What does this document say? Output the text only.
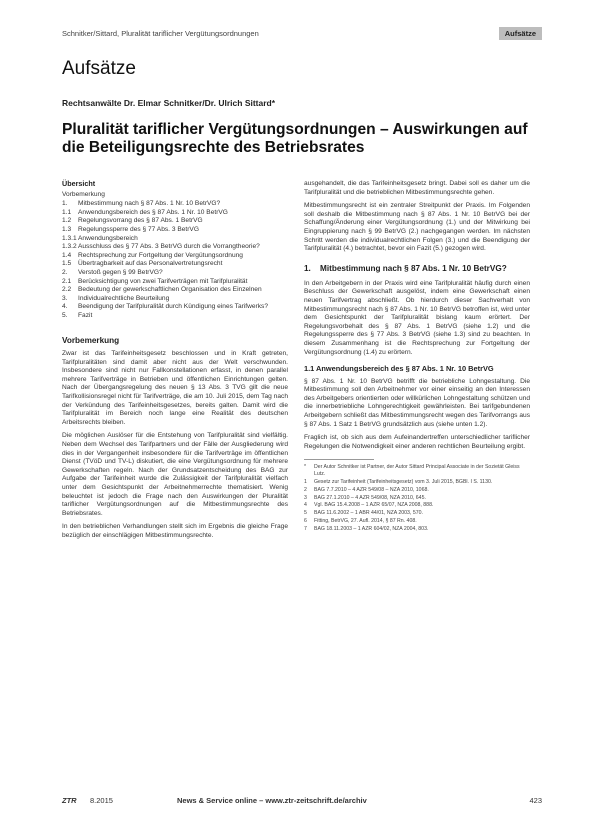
Schnitker/Sittard, Pluralität tariflicher Vergütungsordnungen	Aufsätze
Aufsätze
Rechtsanwälte Dr. Elmar Schnitker/Dr. Ulrich Sittard*
Pluralität tariflicher Vergütungsordnungen – Auswirkungen auf die Beteiligungsrechte des Betriebsrates
Übersicht
Vorbemerkung
1.	Mitbestimmung nach § 87 Abs. 1 Nr. 10 BetrVG?
1.1	Anwendungsbereich des § 87 Abs. 1 Nr. 10 BetrVG
1.2	Regelungsvorrang des § 87 Abs. 1 BetrVG
1.3	Regelungssperre des § 77 Abs. 3 BetrVG
1.3.1 Anwendungsbereich
1.3.2 Ausschluss des § 77 Abs. 3 BetrVG durch die Vorrangtheorie?
1.4	Rechtsprechung zur Fortgeltung der Vergütungsordnung
1.5	Übertragbarkeit auf das Personalvertretungsrecht
2.	Verstoß gegen § 99 BetrVG?
2.1	Berücksichtigung von zwei Tarifverträgen mit Tarifpluralität
2.2	Bedeutung der gewerkschaftlichen Organisation des Einzelnen
3.	Individualrechtliche Beurteilung
4.	Beendigung der Tarifpluralität durch Kündigung eines Tarifwerks?
5.	Fazit
Vorbemerkung

Zwar ist das Tarifeinheitsgesetz beschlossen und in Kraft getreten, Tarifpluralitäten sind damit aber nicht aus der Welt verschwunden. Insbesondere sind nicht nur Fallkonstellationen erfasst, in denen parallel mehrere Tarifverträge in Betrieben und öffentlichen Einrichtungen gelten. Nach der Übergangsregelung des neuen § 13 Abs. 3 TVG gilt die neue Tarifkollisionsregel nicht für Tarifverträge, die am 10. Juli 2015, dem Tag nach der Verkündung des Tarifeinheitsgesetzes, bereits galten. Damit wird die Tarifpluralität im Bereich noch lange eine Realität des deutschen Arbeitsrechts bleiben.

Die möglichen Auslöser für die Entstehung von Tarifpluralität sind vielfältig. Neben dem Wechsel des Tarifpartners und der Fälle der Ausgliederung wird dies in der Vergangenheit insbesondere für die Tarifverträge im öffentlichen Dienst (TVöD und TV-L) diskutiert, die eine Vergütungsordnung für mehrere Gewerkschaften regeln. Nach der Grundsatzentscheidung des BAG zur Aufgabe der Tarifeinheit wurde die Zulässigkeit der Tarifpluralität vielfach unter dem Gesichtspunkt der Arbeitnehmerrechte thematisiert. Wenig beleuchtet ist jedoch die Frage nach den Auswirkungen der Pluralität tariflicher Vergütungsordnungen auf die Mitbestimmungsrechte des Betriebsrates.

In den betrieblichen Verhandlungen stellt sich im Ergebnis die gleiche Frage bezüglich der einschlägigen Mitbestimmungsrechte.

ausgehandelt, die das Tarifeinheitsgesetz bringt. Dabei soll es daher um die Tarifpluralität und die betrieblichen Mitbestimmungsrechte gehen.

Mitbestimmungsrecht ist ein zentraler Streitpunkt der Praxis. Im Folgenden soll deshalb die Mitbestimmung nach § 87 Abs. 1 Nr. 10 BetrVG bei der Schaffung/Änderung einer Vergütungsordnung (1.) und der Mitwirkung bei Eingruppierung nach § 99 BetrVG (2.) nachgegangen werden. Im nächsten Schritt werden die individualrechtlichen Folgen (3.) und die Beendigung der Tarifpluralität (4.) betrachtet, bevor ein Fazit (5.) gezogen wird.

1.	Mitbestimmung nach § 87 Abs. 1 Nr. 10 BetrVG?

In den Arbeitgebern in der Praxis wird eine Tarifpluralität häufig durch einen Beschluss der Gewerkschaft ausgelöst, indem eine Gewerkschaft einen neuen Tarifvertrag abschließt. Ob hierdurch dieser Sachverhalt von Mitbestimmungsrecht nach § 87 Abs. 1 Nr. 10 BetrVG betroffen ist, wird unter dem Gesichtspunkt der Tarifpluralität bislang kaum erörtert. Der Regelungsvorbehalt des § 87 Abs. 1 BetrVG (siehe 1.2) und die Regelungssperre des § 77 Abs. 3 BetrVG (siehe 1.3) sind zu beachten. In diesem Zusammenhang ist die Rechtsprechung zur Fortgeltung der Vergütungsordnung (1.4) zu erörtern.

1.1 Anwendungsbereich des § 87 Abs. 1 Nr. 10 BetrVG

§ 87 Abs. 1 Nr. 10 BetrVG betrifft die betriebliche Lohngestaltung. Die Mitbestimmung soll den Arbeitnehmer vor einer einseitig an den Interessen des Arbeitgebers orientierten oder willkürlichen Lohngestaltung schützen und die innerbetriebliche Lohngerechtigkeit gewährleisten. Bei tarifgebundenen Arbeitgebern schließt das Mitbestimmungsrecht wegen des Tarifvorrangs aus § 87 Abs. 1 Satz 1 BetrVG grundsätzlich aus (siehe unten 1.2).

Fraglich ist, ob sich aus dem Aufeinandertreffen unterschiedlicher tariflicher Regelungen die Notwendigkeit einer anderen rechtlichen Beurteilung ergibt.

*	Der Autor Schnitker ist Partner, der Autor Sittard Principal Associate in der Sozietät Gleiss Lutz.
1	Gesetz zur Tarifeinheit (Tarifeinheitsgesetz) vom 3. Juli 2015, BGBl. I S. 1130.
2	BAG 7.7.2010 – 4 AZR 549/08 – NZA 2010, 1068.
3	BAG 27.1.2010 – 4 AZR 549/08, NZA 2010, 645.
4	Vgl. BAG 15.4.2008 – 1 AZR 65/07, NZA 2008, 888.
5	BAG 11.6.2002 – 1 ABR 44/01, NZA 2003, 570.
6	Fitting, BetrVG, 27. Aufl. 2014, § 87 Rn. 408.
7	BAG 18.11.2003 – 1 AZR 604/02, NZA 2004, 803.
ZTR 8.2015	News & Service online – www.ztr-zeitschrift.de/archiv	423
